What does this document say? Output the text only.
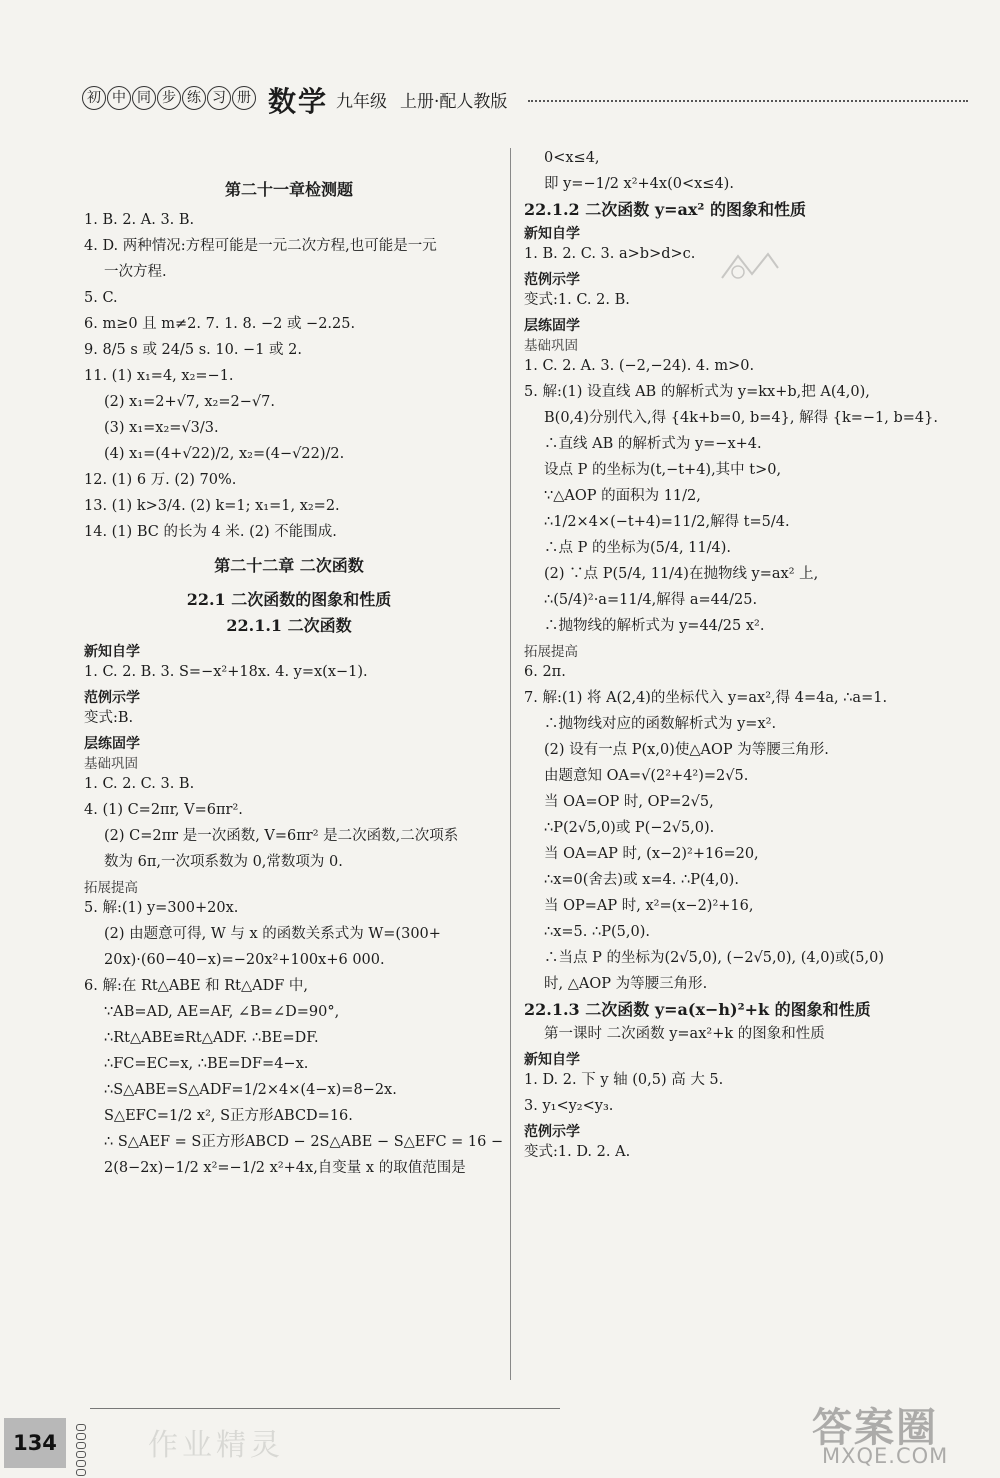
初 中 同 步 练 习 册 数学 九年级 上册·配人教版

第二十一章检测题

1. B. 2. A. 3. B.

4. D. 两种情况:方程可能是一元二次方程,也可能是一元

一次方程.

5. C.

6. m≥0 且 m≠2. 7. 1. 8. −2 或 −2.25.

9. 8/5 s 或 24/5 s. 10. −1 或 2.

11. (1) x₁=4, x₂=−1.

(2) x₁=2+√7, x₂=2−√7.

(3) x₁=x₂=√3/3.

(4) x₁=(4+√22)/2, x₂=(4−√22)/2.

12. (1) 6 万. (2) 70%.

13. (1) k>3/4. (2) k=1; x₁=1, x₂=2.

14. (1) BC 的长为 4 米. (2) 不能围成.

第二十二章 二次函数

22.1 二次函数的图象和性质

22.1.1 二次函数

新知自学

1. C. 2. B. 3. S=−x²+18x. 4. y=x(x−1).

范例示学

变式:B.

层练固学

基础巩固

1. C. 2. C. 3. B.

4. (1) C=2πr, V=6πr².

(2) C=2πr 是一次函数, V=6πr² 是二次函数,二次项系

数为 6π,一次项系数为 0,常数项为 0.

拓展提高

5. 解:(1) y=300+20x.

(2) 由题意可得, W 与 x 的函数关系式为 W=(300+

20x)·(60−40−x)=−20x²+100x+6 000.

6. 解:在 Rt△ABE 和 Rt△ADF 中,

∵AB=AD, AE=AF, ∠B=∠D=90°,

∴Rt△ABE≌Rt△ADF. ∴BE=DF.

∴FC=EC=x, ∴BE=DF=4−x.

∴S△ABE=S△ADF=1/2×4×(4−x)=8−2x.

S△EFC=1/2 x², S正方形ABCD=16.

∴ S△AEF = S正方形ABCD − 2S△ABE − S△EFC = 16 −

2(8−2x)−1/2 x²=−1/2 x²+4x,自变量 x 的取值范围是

0<x≤4,

即 y=−1/2 x²+4x(0<x≤4).

22.1.2 二次函数 y=ax² 的图象和性质

新知自学

1. B. 2. C. 3. a>b>d>c.

范例示学

变式:1. C. 2. B.

层练固学

基础巩固

1. C. 2. A. 3. (−2,−24). 4. m>0.

5. 解:(1) 设直线 AB 的解析式为 y=kx+b,把 A(4,0),

B(0,4)分别代入,得 {4k+b=0, b=4}, 解得 {k=−1, b=4}.

∴直线 AB 的解析式为 y=−x+4.

设点 P 的坐标为(t,−t+4),其中 t>0,

∵△AOP 的面积为 11/2,

∴1/2×4×(−t+4)=11/2,解得 t=5/4.

∴点 P 的坐标为(5/4, 11/4).

(2) ∵点 P(5/4, 11/4)在抛物线 y=ax² 上,

∴(5/4)²·a=11/4,解得 a=44/25.

∴抛物线的解析式为 y=44/25 x².

拓展提高

6. 2π.

7. 解:(1) 将 A(2,4)的坐标代入 y=ax²,得 4=4a, ∴a=1.

∴抛物线对应的函数解析式为 y=x².

(2) 设有一点 P(x,0)使△AOP 为等腰三角形.

由题意知 OA=√(2²+4²)=2√5.

当 OA=OP 时, OP=2√5,

∴P(2√5,0)或 P(−2√5,0).

当 OA=AP 时, (x−2)²+16=20,

∴x=0(舍去)或 x=4. ∴P(4,0).

当 OP=AP 时, x²=(x−2)²+16,

∴x=5. ∴P(5,0).

∴当点 P 的坐标为(2√5,0), (−2√5,0), (4,0)或(5,0)

时, △AOP 为等腰三角形.

22.1.3 二次函数 y=a(x−h)²+k 的图象和性质

第一课时 二次函数 y=ax²+k 的图象和性质

新知自学

1. D. 2. 下 y 轴 (0,5) 高 大 5.

3. y₁<y₂<y₃.

范例示学

变式:1. D. 2. A.

134	作业精灵	答案圈
MXQE.COM
